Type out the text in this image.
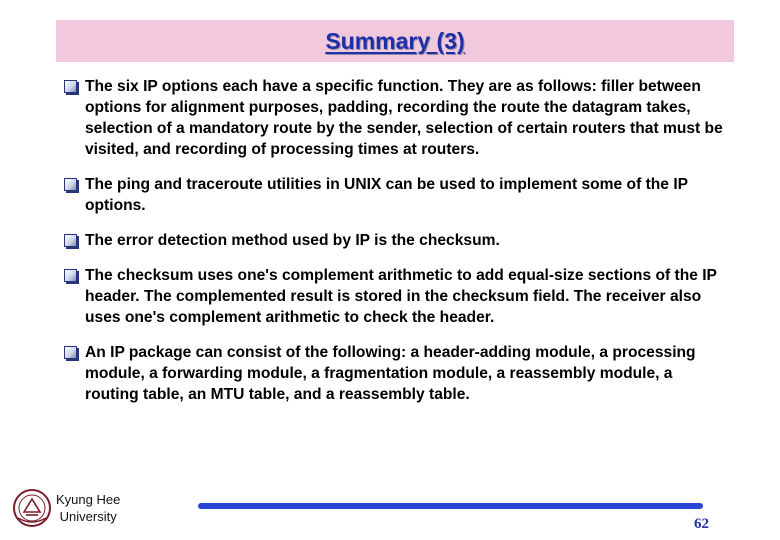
Summary (3)
The six IP options each have a specific function. They are as follows: filler between options for alignment purposes, padding, recording the route the datagram takes, selection of a mandatory route by the sender, selection of certain routers that must be visited, and recording of processing times at routers.
The ping and traceroute utilities in UNIX can be used to implement some of the IP options.
The error detection method used by IP is the checksum.
The checksum uses one's complement arithmetic to add equal-size sections of the IP header. The complemented result is stored in the checksum field. The receiver also uses one's complement arithmetic to check the header.
An IP package can consist of the following: a header-adding module, a processing module, a forwarding module, a fragmentation module, a reassembly module, a routing table, an MTU table, and a reassembly table.
Kyung Hee
University	62
